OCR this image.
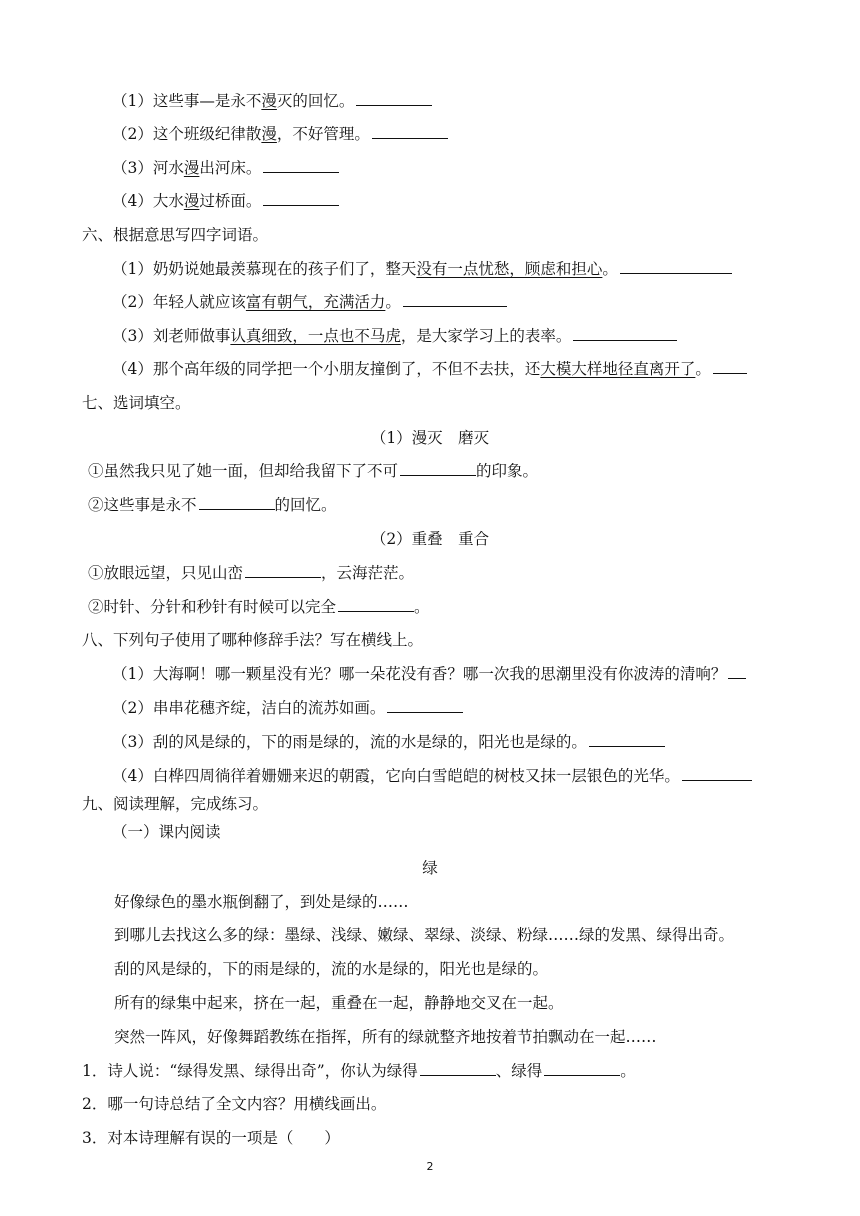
（1）这些事—是永不漫灭的回忆。
（2）这个班级纪律散漫，不好管理。
（3）河水漫出河床。
（4）大水漫过桥面。
六、根据意思写四字词语。
（1）奶奶说她最羡慕现在的孩子们了，整天没有一点忧愁，顾虑和担心。
（2）年轻人就应该富有朝气，充满活力。
（3）刘老师做事认真细致，一点也不马虎，是大家学习上的表率。
（4）那个高年级的同学把一个小朋友撞倒了，不但不去扶，还大模大样地径直离开了。
七、选词填空。
（1）漫灭　磨灭
①虽然我只见了她一面，但却给我留下了不可	的印象。
②这些事是永不	的回忆。
（2）重叠　重合
①放眼远望，只见山峦	，云海茫茫。
②时针、分针和秒针有时候可以完全	。
八、下列句子使用了哪种修辞手法？写在横线上。
（1）大海啊！哪一颗星没有光？哪一朵花没有香？哪一次我的思潮里没有你波涛的清响？
（2）串串花穗齐绽，洁白的流苏如画。
（3）刮的风是绿的，下的雨是绿的，流的水是绿的，阳光也是绿的。
（4）白桦四周徜徉着姗姗来迟的朝霞，它向白雪皑皑的树枝又抹一层银色的光华。
九、阅读理解，完成练习。
（一）课内阅读
绿
好像绿色的墨水瓶倒翻了，到处是绿的……
到哪儿去找这么多的绿：墨绿、浅绿、嫩绿、翠绿、淡绿、粉绿……绿的发黑、绿得出奇。
刮的风是绿的，下的雨是绿的，流的水是绿的，阳光也是绿的。
所有的绿集中起来，挤在一起，重叠在一起，静静地交叉在一起。
突然一阵风，好像舞蹈教练在指挥，所有的绿就整齐地按着节拍飘动在一起……
1．诗人说：“绿得发黑、绿得出奇”，你认为绿得	、绿得	。
2．哪一句诗总结了全文内容？用横线画出。
3．对本诗理解有误的一项是（　　）
2
